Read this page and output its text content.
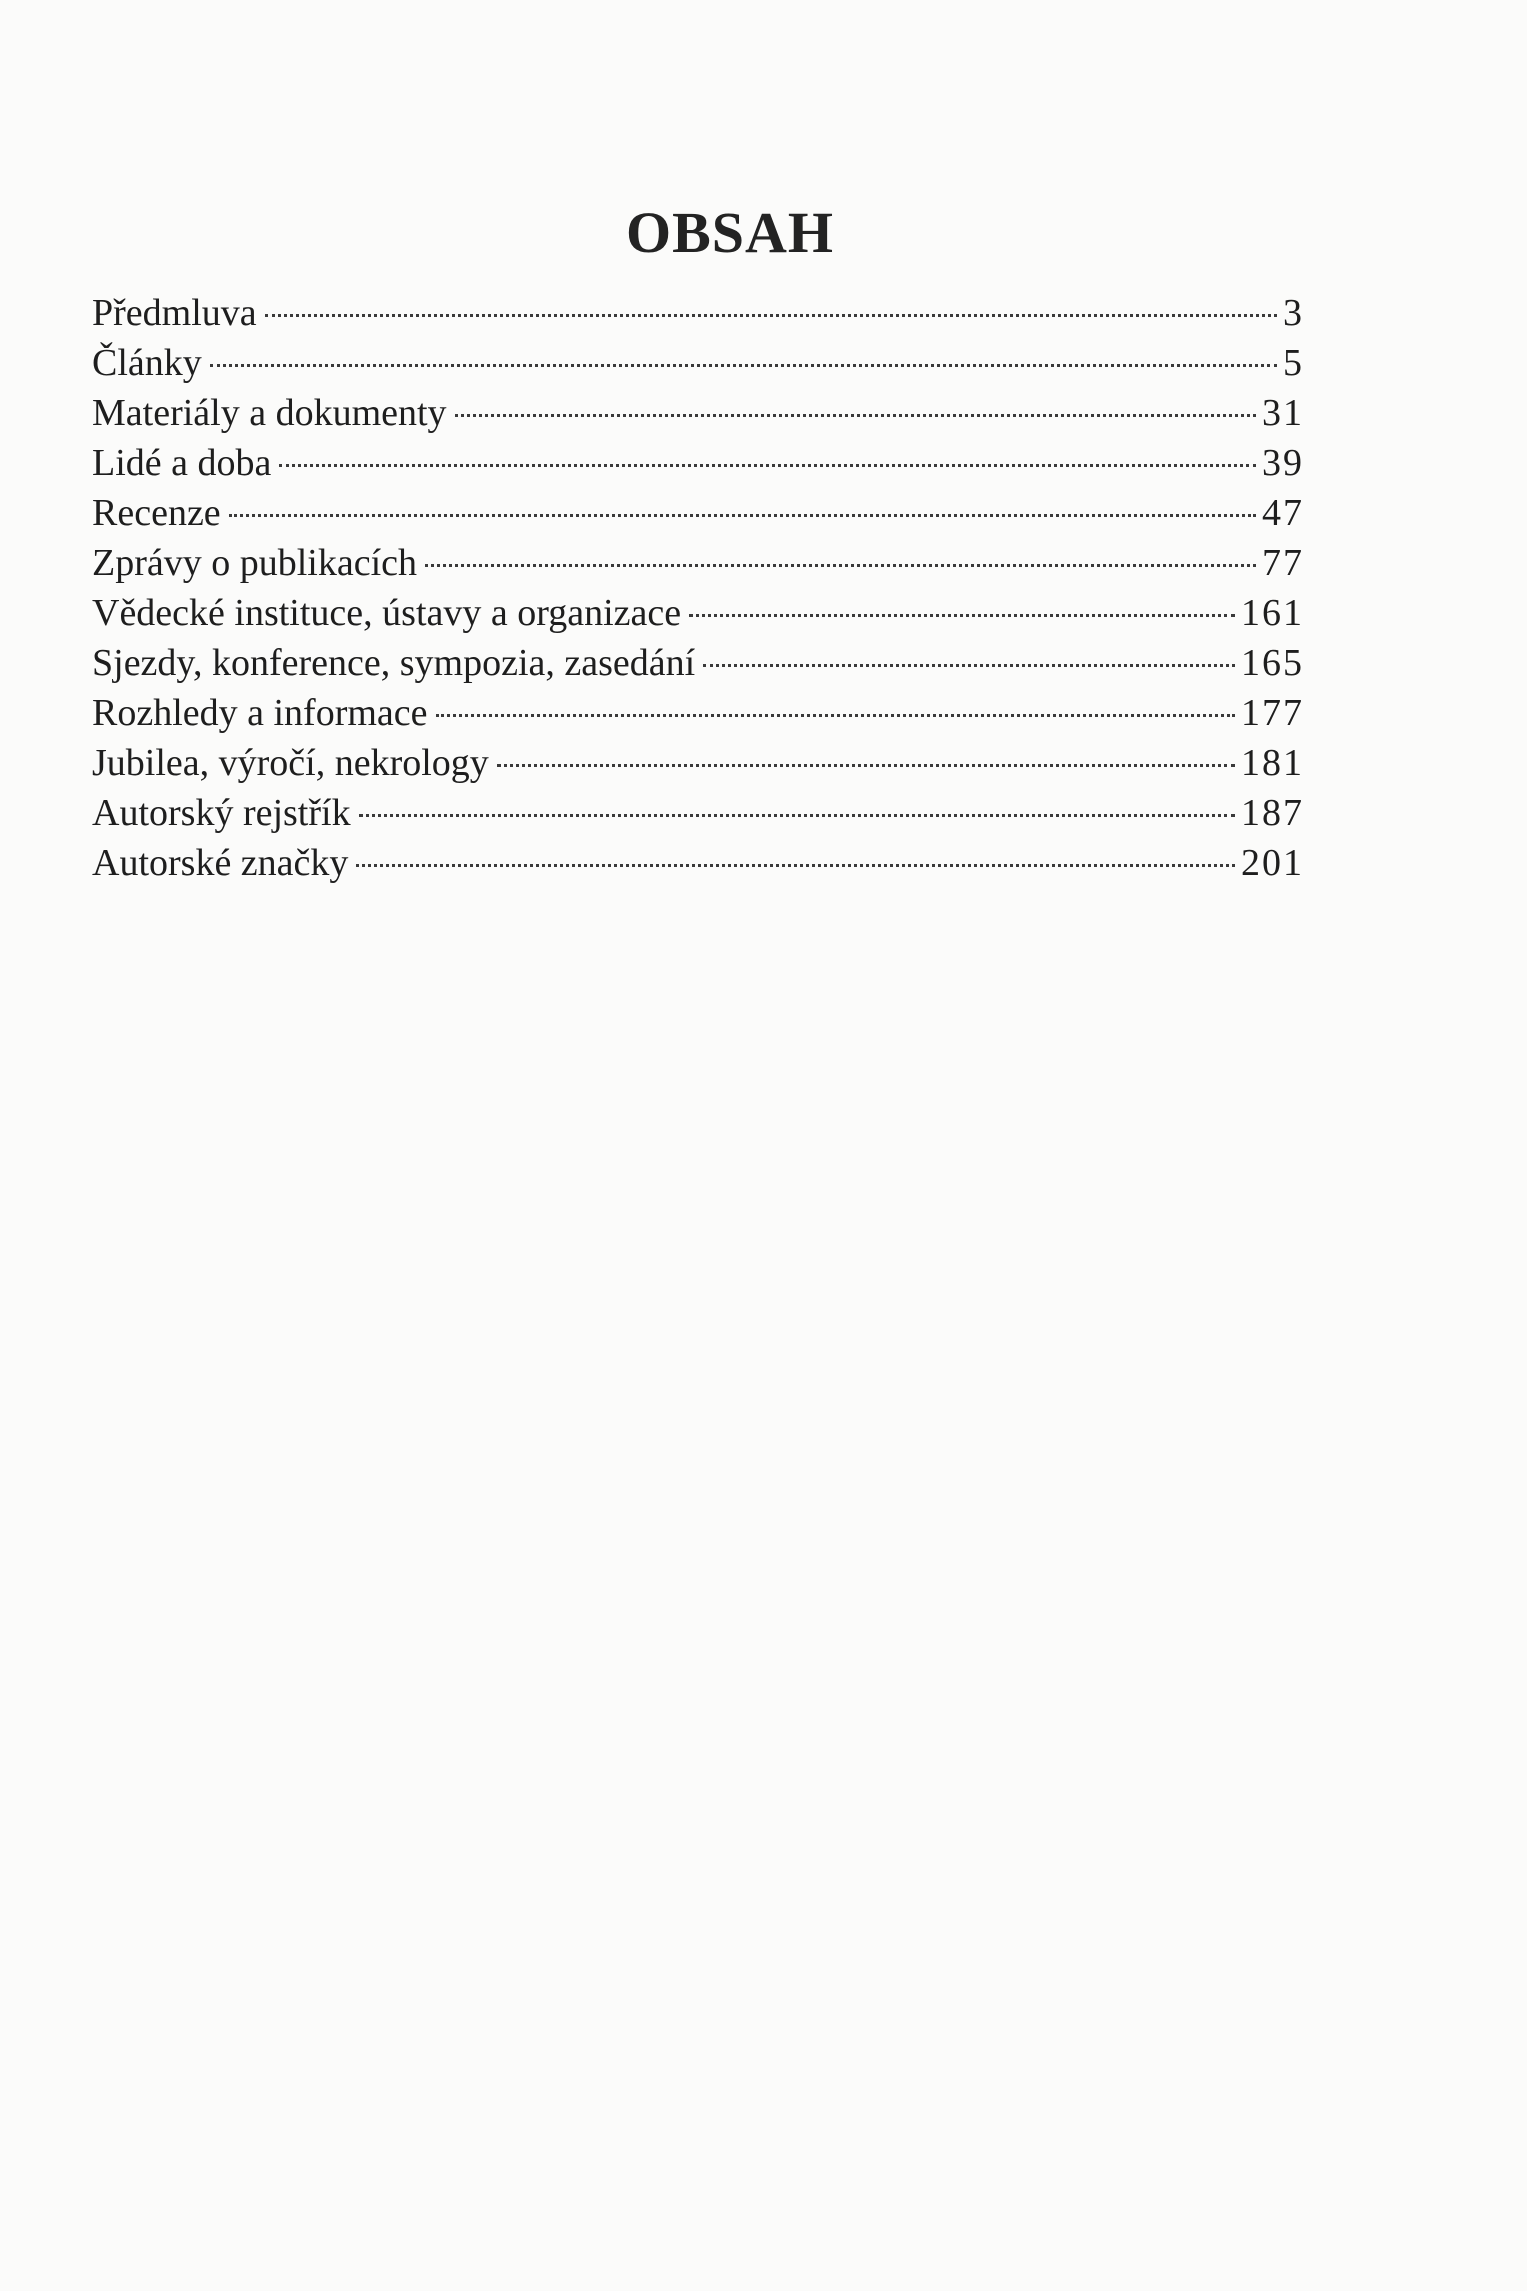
OBSAH
Předmluva	3
Články	5
Materiály a dokumenty	31
Lidé a doba	39
Recenze	47
Zprávy o publikacích	77
Vědecké instituce, ústavy a organizace	161
Sjezdy, konference, sympozia, zasedání	165
Rozhledy a informace	177
Jubilea, výročí, nekrology	181
Autorský rejstřík	187
Autorské značky	201
